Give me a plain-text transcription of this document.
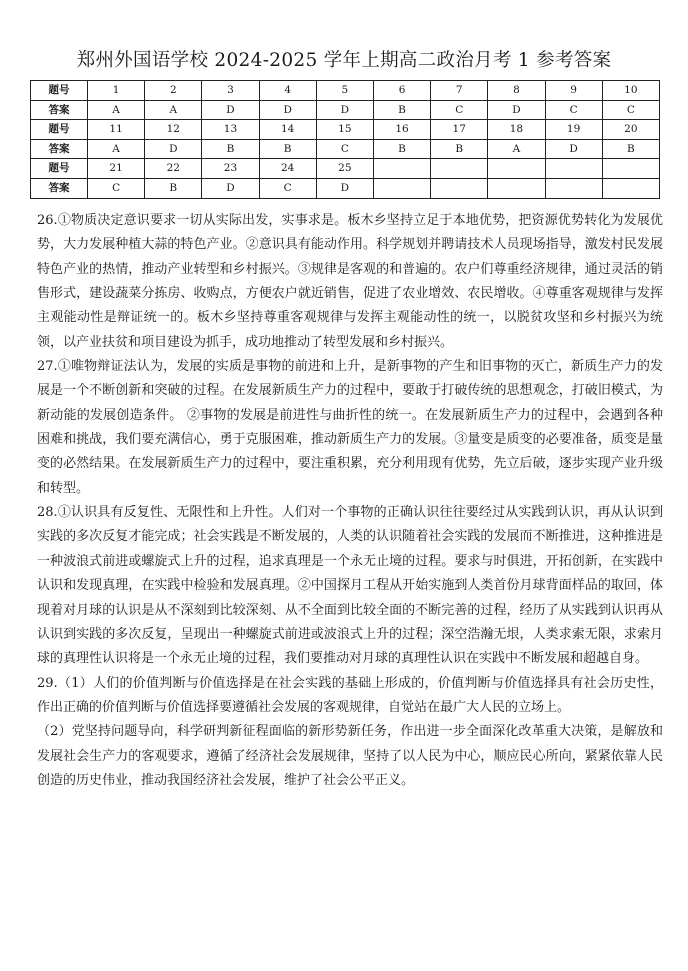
郑州外国语学校 2024-2025 学年上期高二政治月考 1 参考答案
题号	1	2	3	4	5	6	7	8	9	10
答案	A	A	D	D	D	B	C	D	C	C
题号	11	12	13	14	15	16	17	18	19	20
答案	A	D	B	B	C	B	B	A	D	B
题号	21	22	23	24	25					
答案	C	B	D	C	D					

26.①物质决定意识要求一切从实际出发，实事求是。板木乡坚持立足于本地优势，把资源优势转化为发展优势，大力发展种植大蒜的特色产业。②意识具有能动作用。科学规划并聘请技术人员现场指导，激发村民发展特色产业的热情，推动产业转型和乡村振兴。③规律是客观的和普遍的。农户们尊重经济规律，通过灵活的销售形式，建设蔬菜分拣房、收购点，方便农户就近销售，促进了农业增效、农民增收。④尊重客观规律与发挥主观能动性是辩证统一的。板木乡坚持尊重客观规律与发挥主观能动性的统一，以脱贫攻坚和乡村振兴为统领，以产业扶贫和项目建设为抓手，成功地推动了转型发展和乡村振兴。

27.①唯物辩证法认为，发展的实质是事物的前进和上升，是新事物的产生和旧事物的灭亡，新质生产力的发展是一个不断创新和突破的过程。在发展新质生产力的过程中，要敢于打破传统的思想观念，打破旧模式，为新动能的发展创造条件。 ②事物的发展是前进性与曲折性的统一。在发展新质生产力的过程中，会遇到各种困难和挑战，我们要充满信心，勇于克服困难，推动新质生产力的发展。③量变是质变的必要准备，质变是量变的必然结果。在发展新质生产力的过程中，要注重积累，充分利用现有优势，先立后破，逐步实现产业升级和转型。

28.①认识具有反复性、无限性和上升性。人们对一个事物的正确认识往往要经过从实践到认识，再从认识到实践的多次反复才能完成；社会实践是不断发展的，人类的认识随着社会实践的发展而不断推进，这种推进是一种波浪式前进或螺旋式上升的过程，追求真理是一个永无止境的过程。要求与时俱进，开拓创新，在实践中认识和发现真理，在实践中检验和发展真理。②中国探月工程从开始实施到人类首份月球背面样品的取回，体现着对月球的认识是从不深刻到比较深刻、从不全面到比较全面的不断完善的过程，经历了从实践到认识再从认识到实践的多次反复，呈现出一种螺旋式前进或波浪式上升的过程；深空浩瀚无垠，人类求索无限，求索月球的真理性认识将是一个永无止境的过程，我们要推动对月球的真理性认识在实践中不断发展和超越自身。

29.（1）人们的价值判断与价值选择是在社会实践的基础上形成的，价值判断与价值选择具有社会历史性，作出正确的价值判断与价值选择要遵循社会发展的客观规律，自觉站在最广大人民的立场上。

（2）党坚持问题导向，科学研判新征程面临的新形势新任务，作出进一步全面深化改革重大决策，是解放和发展社会生产力的客观要求，遵循了经济社会发展规律，坚持了以人民为中心，顺应民心所向，紧紧依靠人民创造的历史伟业，推动我国经济社会发展，维护了社会公平正义。
